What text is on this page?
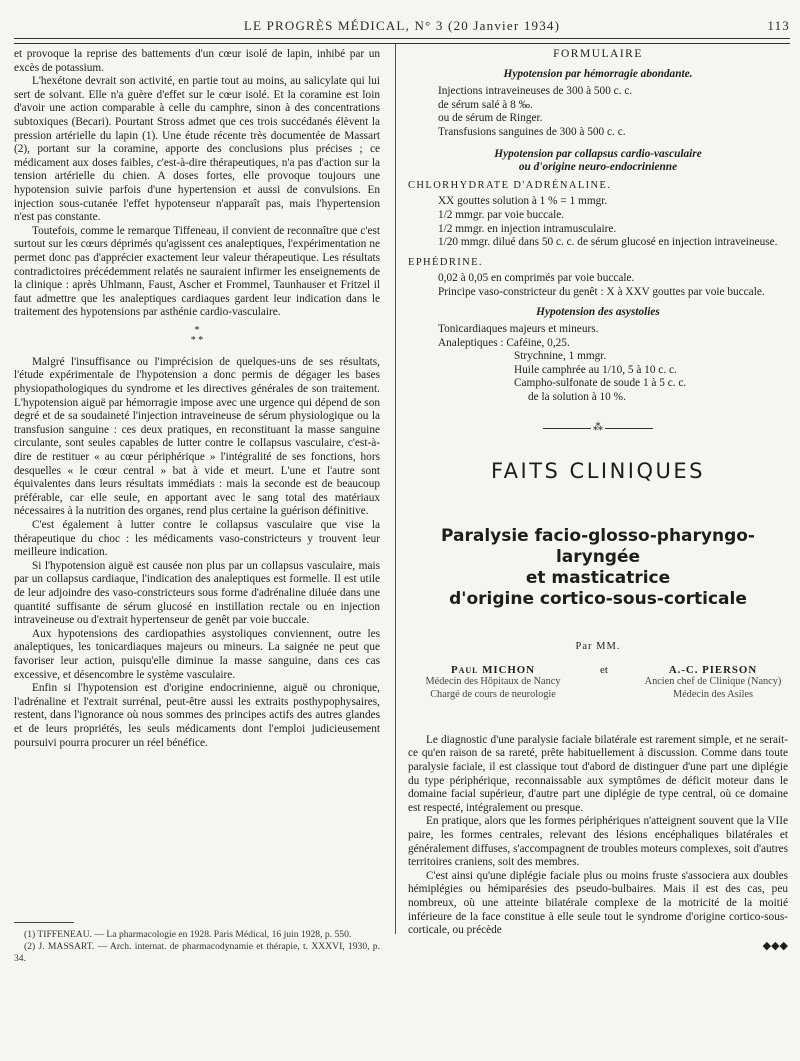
LE PROGRÈS MÉDICAL, N° 3 (20 Janvier 1934)	113

et provoque la reprise des battements d'un cœur isolé de lapin, inhibé par un excès de potassium.

L'hexétone devrait son activité, en partie tout au moins, au salicylate qui lui sert de solvant. Elle n'a guère d'effet sur le cœur isolé. Et la coramine est loin d'avoir une action comparable à celle du camphre, sinon à des concentrations subtoxiques (Becari). Pourtant Stross admet que ces trois succédanés élèvent la pression artérielle du lapin (1). Une étude récente très documentée de Massart (2), portant sur la coramine, apporte des conclusions plus précises ; ce médicament aux doses faibles, c'est-à-dire thérapeutiques, n'a pas d'action sur la tension artérielle du chien. A doses fortes, elle provoque toujours une hypotension suivie parfois d'une hypertension et aussi de convulsions. En injection sous-cutanée l'effet hypotenseur n'apparaît pas, mais l'hypertension n'est pas constante.

Toutefois, comme le remarque Tiffeneau, il convient de reconnaître que c'est surtout sur les cœurs déprimés qu'agissent ces analeptiques, l'expérimentation ne permet donc pas d'apprécier exactement leur valeur thérapeutique. Les résultats contradictoires précédemment relatés ne sauraient infirmer les enseignements de la clinique : après Uhlmann, Faust, Ascher et Frommel, Taunhauser et Fritzel il faut admettre que les analeptiques cardiaques gardent leur indication dans le traitement des hypotensions par asthénie cardio-vasculaire.

*
* *

Malgré l'insuffisance ou l'imprécision de quelques-uns de ses résultats, l'étude expérimentale de l'hypotension a donc permis de dégager les bases physiopathologiques du syndrome et les directives générales de son traitement. L'hypotension aiguë par hémorragie impose avec une urgence qui dépend de son degré et de sa soudaineté l'injection intraveineuse de sérum physiologique ou la transfusion sanguine : ces deux pratiques, en reconstituant la masse sanguine circulante, sont seules capables de lutter contre le collapsus vasculaire, c'est-à-dire de restituer « au cœur périphérique » l'intégralité de ses fonctions, hors desquelles « le cœur central » bat à vide et meurt. L'une et l'autre sont équivalentes dans leurs résultats immédiats : mais la seconde est de beaucoup préférable, car elle seule, en apportant avec le sang total des matériaux nécessaires à la nutrition des organes, rend plus certaine la guérison définitive.

C'est également à lutter contre le collapsus vasculaire que vise la thérapeutique du choc : les médicaments vaso-constricteurs y trouvent leur meilleure indication.

Si l'hypotension aiguë est causée non plus par un collapsus vasculaire, mais par un collapsus cardiaque, l'indication des analeptiques est formelle. Il est utile de leur adjoindre des vaso-constricteurs sous forme d'adrénaline diluée dans une quantité suffisante de sérum glucosé en instillation rectale ou en injection intraveineuse ou d'extrait hypertenseur de genêt par voie buccale.

Aux hypotensions des cardiopathies asystoliques conviennent, outre les analeptiques, les tonicardiaques majeurs ou mineurs. La saignée ne peut que favoriser leur action, puisqu'elle diminue la masse sanguine, dans ces cas excessive, et désencombre le système vasculaire.

Enfin si l'hypotension est d'origine endocrinienne, aiguë ou chronique, l'adrénaline et l'extrait surrénal, peut-être aussi les extraits posthypophysaires, restent, dans l'ignorance où nous sommes des principes actifs des autres glandes et de leurs propriétés, les seuls médicaments dont l'emploi judicieusement poursuivi pourra procurer un réel bénéfice.

(1) TIFFENEAU. — La pharmacologie en 1928. Paris Médical, 16 juin 1928, p. 550.

(2) J. MASSART. — Arch. internat. de pharmacodynamie et thérapie, t. XXXVI, 1930, p. 34.

FORMULAIRE
Hypotension par hémorragie abondante.

Injections intraveineuses de 300 à 500 c. c.

de sérum salé à 8 ‰.

ou de sérum de Ringer.

Transfusions sanguines de 300 à 500 c. c.

Hypotension par collapsus cardio-vasculaire
ou d'origine neuro-endocrinienne
CHLORHYDRATE D'ADRÉNALINE.

XX gouttes solution à 1 % = 1 mmgr.

1/2 mmgr. par voie buccale.

1/2 mmgr. en injection intramusculaire.

1/20 mmgr. dilué dans 50 c. c. de sérum glucosé en injection intraveineuse.

EPHÉDRINE.

0,02 à 0,05 en comprimés par voie buccale.

Principe vaso-constricteur du genêt : X à XXV gouttes par voie buccale.

Hypotension des asystolies

Tonicardiaques majeurs et mineurs.

Analeptiques : Caféine, 0,25.

Strychnine, 1 mmgr.

Huile camphrée au 1/10, 5 à 10 c. c.

Campho-sulfonate de soude 1 à 5 c. c.

de la solution à 10 %.

⁂
FAITS CLINIQUES
Paralysie facio-glosso-pharyngo-laryngée
et masticatrice
d'origine cortico-sous-corticale
Par MM.
Paul MICHON
Médecin des Hôpitaux de Nancy
Chargé de cours de neurologie
et	A.-C. PIERSON
Ancien chef de Clinique (Nancy)
Médecin des Asiles

Le diagnostic d'une paralysie faciale bilatérale est rarement simple, et ne serait-ce qu'en raison de sa rareté, prête habituellement à discussion. Comme dans toute paralysie faciale, il est classique tout d'abord de distinguer d'une part une diplégie du type périphérique, reconnaissable aux symptômes de déficit moteur dans le domaine facial supérieur, d'autre part une diplégie de type central, où ce domaine est respecté, intégralement ou presque.

En pratique, alors que les formes périphériques n'atteignent souvent que la VIIe paire, les formes centrales, relevant des lésions encéphaliques bilatérales et généralement diffuses, s'accompagnent de troubles moteurs complexes, soit d'autres territoires craniens, soit des membres.

C'est ainsi qu'une diplégie faciale plus ou moins fruste s'associera aux doubles hémiplégies ou hémiparésies des pseudo-bulbaires. Mais il est des cas, peu nombreux, où une atteinte bilatérale complexe de la motricité de la moitié inférieure de la face constitue à elle seule tout le syndrome d'origine cortico-sous-corticale, ou précède

◆◆◆
